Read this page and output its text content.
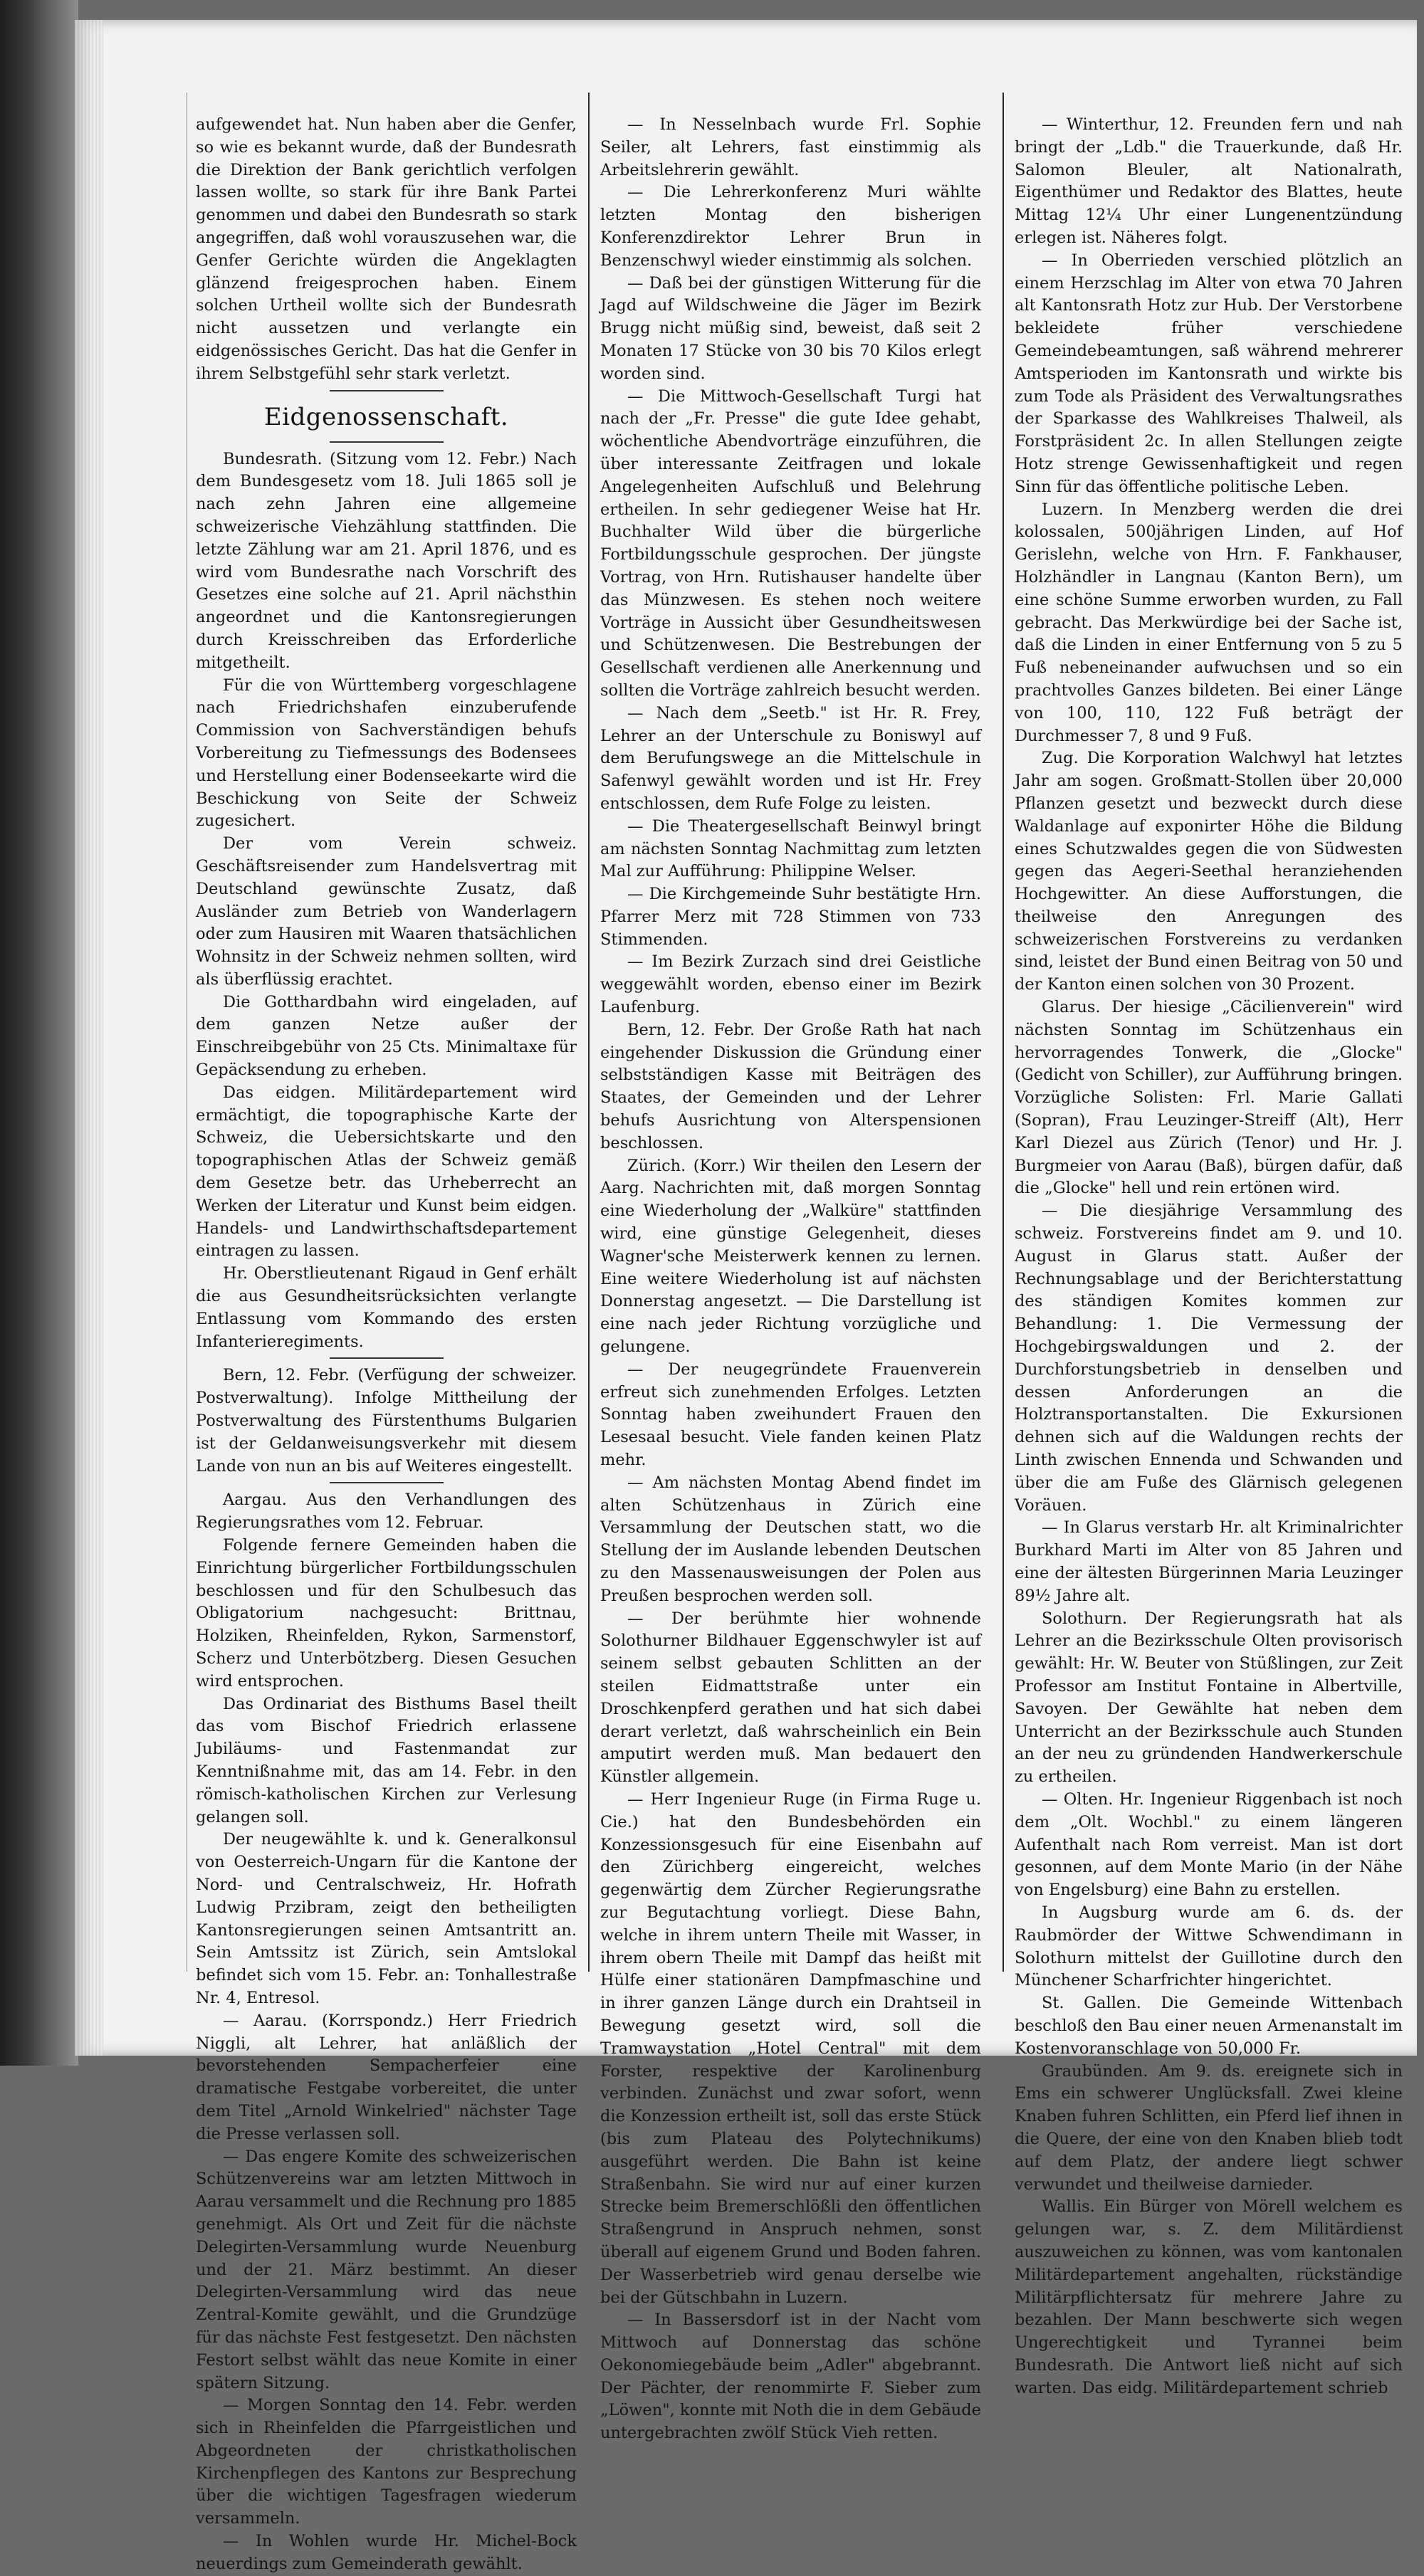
aufgewendet hat. Nun haben aber die Genfer, so wie es bekannt wurde, daß der Bundesrath die Direktion der Bank gerichtlich verfolgen lassen wollte, so stark für ihre Bank Partei genommen und dabei den Bundesrath so stark angegriffen, daß wohl vorauszusehen war, die Genfer Gerichte würden die Angeklagten glänzend freigesprochen haben. Einem solchen Urtheil wollte sich der Bundesrath nicht aussetzen und verlangte ein eidgenössisches Gericht. Das hat die Genfer in ihrem Selbstgefühl sehr stark verletzt.

Eidgenossenschaft.

Bundesrath. (Sitzung vom 12. Febr.) Nach dem Bundesgesetz vom 18. Juli 1865 soll je nach zehn Jahren eine allgemeine schweizerische Viehzählung stattfinden. Die letzte Zählung war am 21. April 1876, und es wird vom Bundesrathe nach Vorschrift des Gesetzes eine solche auf 21. April nächsthin angeordnet und die Kantonsregierungen durch Kreisschreiben das Erforderliche mitgetheilt.

Für die von Württemberg vorgeschlagene nach Friedrichshafen einzuberufende Commission von Sachverständigen behufs Vorbereitung zu Tiefmessungs des Bodensees und Herstellung einer Bodenseekarte wird die Beschickung von Seite der Schweiz zugesichert.

Der vom Verein schweiz. Geschäftsreisender zum Handelsvertrag mit Deutschland gewünschte Zusatz, daß Ausländer zum Betrieb von Wanderlagern oder zum Hausiren mit Waaren thatsächlichen Wohnsitz in der Schweiz nehmen sollten, wird als überflüssig erachtet.

Die Gotthardbahn wird eingeladen, auf dem ganzen Netze außer der Einschreibgebühr von 25 Cts. Minimaltaxe für Gepäcksendung zu erheben.

Das eidgen. Militärdepartement wird ermächtigt, die topographische Karte der Schweiz, die Uebersichtskarte und den topographischen Atlas der Schweiz gemäß dem Gesetze betr. das Urheberrecht an Werken der Literatur und Kunst beim eidgen. Handels- und Landwirthschaftsdepartement eintragen zu lassen.

Hr. Oberstlieutenant Rigaud in Genf erhält die aus Gesundheitsrücksichten verlangte Entlassung vom Kommando des ersten Infanterieregiments.

Bern, 12. Febr. (Verfügung der schweizer. Postverwaltung). Infolge Mittheilung der Postverwaltung des Fürstenthums Bulgarien ist der Geldanweisungsverkehr mit diesem Lande von nun an bis auf Weiteres eingestellt.

Aargau. Aus den Verhandlungen des Regierungsrathes vom 12. Februar.

Folgende fernere Gemeinden haben die Einrichtung bürgerlicher Fortbildungsschulen beschlossen und für den Schulbesuch das Obligatorium nachgesucht: Brittnau, Holziken, Rheinfelden, Rykon, Sarmenstorf, Scherz und Unterbötzberg. Diesen Gesuchen wird entsprochen.

Das Ordinariat des Bisthums Basel theilt das vom Bischof Friedrich erlassene Jubiläums- und Fastenmandat zur Kenntnißnahme mit, das am 14. Febr. in den römisch-katholischen Kirchen zur Verlesung gelangen soll.

Der neugewählte k. und k. Generalkonsul von Oesterreich-Ungarn für die Kantone der Nord- und Centralschweiz, Hr. Hofrath Ludwig Przibram, zeigt den betheiligten Kantonsregierungen seinen Amtsantritt an. Sein Amtssitz ist Zürich, sein Amtslokal befindet sich vom 15. Febr. an: Tonhallestraße Nr. 4, Entresol.

— Aarau. (Korrspondz.) Herr Friedrich Niggli, alt Lehrer, hat anläßlich der bevorstehenden Sempacherfeier eine dramatische Festgabe vorbereitet, die unter dem Titel „Arnold Winkelried" nächster Tage die Presse verlassen soll.

— Das engere Komite des schweizerischen Schützenvereins war am letzten Mittwoch in Aarau versammelt und die Rechnung pro 1885 genehmigt. Als Ort und Zeit für die nächste Delegirten-Versammlung wurde Neuenburg und der 21. März bestimmt. An dieser Delegirten-Versammlung wird das neue Zentral-Komite gewählt, und die Grundzüge für das nächste Fest festgesetzt. Den nächsten Festort selbst wählt das neue Komite in einer spätern Sitzung.

— Morgen Sonntag den 14. Febr. werden sich in Rheinfelden die Pfarrgeistlichen und Abgeordneten der christkatholischen Kirchenpflegen des Kantons zur Besprechung über die wichtigen Tagesfragen wiederum versammeln.

— In Wohlen wurde Hr. Michel-Bock neuerdings zum Gemeinderath gewählt.

— In Nesselnbach wurde Frl. Sophie Seiler, alt Lehrers, fast einstimmig als Arbeitslehrerin gewählt.

— Die Lehrerkonferenz Muri wählte letzten Montag den bisherigen Konferenzdirektor Lehrer Brun in Benzenschwyl wieder einstimmig als solchen.

— Daß bei der günstigen Witterung für die Jagd auf Wildschweine die Jäger im Bezirk Brugg nicht müßig sind, beweist, daß seit 2 Monaten 17 Stücke von 30 bis 70 Kilos erlegt worden sind.

— Die Mittwoch-Gesellschaft Turgi hat nach der „Fr. Presse" die gute Idee gehabt, wöchentliche Abendvorträge einzuführen, die über interessante Zeitfragen und lokale Angelegenheiten Aufschluß und Belehrung ertheilen. In sehr gediegener Weise hat Hr. Buchhalter Wild über die bürgerliche Fortbildungsschule gesprochen. Der jüngste Vortrag, von Hrn. Rutishauser handelte über das Münzwesen. Es stehen noch weitere Vorträge in Aussicht über Gesundheitswesen und Schützenwesen. Die Bestrebungen der Gesellschaft verdienen alle Anerkennung und sollten die Vorträge zahlreich besucht werden.

— Nach dem „Seetb." ist Hr. R. Frey, Lehrer an der Unterschule zu Boniswyl auf dem Berufungswege an die Mittelschule in Safenwyl gewählt worden und ist Hr. Frey entschlossen, dem Rufe Folge zu leisten.

— Die Theatergesellschaft Beinwyl bringt am nächsten Sonntag Nachmittag zum letzten Mal zur Aufführung: Philippine Welser.

— Die Kirchgemeinde Suhr bestätigte Hrn. Pfarrer Merz mit 728 Stimmen von 733 Stimmenden.

— Im Bezirk Zurzach sind drei Geistliche weggewählt worden, ebenso einer im Bezirk Laufenburg.

Bern, 12. Febr. Der Große Rath hat nach eingehender Diskussion die Gründung einer selbstständigen Kasse mit Beiträgen des Staates, der Gemeinden und der Lehrer behufs Ausrichtung von Alterspensionen beschlossen.

Zürich. (Korr.) Wir theilen den Lesern der Aarg. Nachrichten mit, daß morgen Sonntag eine Wiederholung der „Walküre" stattfinden wird, eine günstige Gelegenheit, dieses Wagner'sche Meisterwerk kennen zu lernen. Eine weitere Wiederholung ist auf nächsten Donnerstag angesetzt. — Die Darstellung ist eine nach jeder Richtung vorzügliche und gelungene.

— Der neugegründete Frauenverein erfreut sich zunehmenden Erfolges. Letzten Sonntag haben zweihundert Frauen den Lesesaal besucht. Viele fanden keinen Platz mehr.

— Am nächsten Montag Abend findet im alten Schützenhaus in Zürich eine Versammlung der Deutschen statt, wo die Stellung der im Auslande lebenden Deutschen zu den Massenausweisungen der Polen aus Preußen besprochen werden soll.

— Der berühmte hier wohnende Solothurner Bildhauer Eggenschwyler ist auf seinem selbst gebauten Schlitten an der steilen Eidmattstraße unter ein Droschkenpferd gerathen und hat sich dabei derart verletzt, daß wahrscheinlich ein Bein amputirt werden muß. Man bedauert den Künstler allgemein.

— Herr Ingenieur Ruge (in Firma Ruge u. Cie.) hat den Bundesbehörden ein Konzessionsgesuch für eine Eisenbahn auf den Zürichberg eingereicht, welches gegenwärtig dem Zürcher Regierungsrathe zur Begutachtung vorliegt. Diese Bahn, welche in ihrem untern Theile mit Wasser, in ihrem obern Theile mit Dampf das heißt mit Hülfe einer stationären Dampfmaschine und in ihrer ganzen Länge durch ein Drahtseil in Bewegung gesetzt wird, soll die Tramwaystation „Hotel Central" mit dem Forster, respektive der Karolinenburg verbinden. Zunächst und zwar sofort, wenn die Konzession ertheilt ist, soll das erste Stück (bis zum Plateau des Polytechnikums) ausgeführt werden. Die Bahn ist keine Straßenbahn. Sie wird nur auf einer kurzen Strecke beim Bremerschlößli den öffentlichen Straßengrund in Anspruch nehmen, sonst überall auf eigenem Grund und Boden fahren. Der Wasserbetrieb wird genau derselbe wie bei der Gütschbahn in Luzern.

— In Bassersdorf ist in der Nacht vom Mittwoch auf Donnerstag das schöne Oekonomiegebäude beim „Adler" abgebrannt. Der Pächter, der renommirte F. Sieber zum „Löwen", konnte mit Noth die in dem Gebäude untergebrachten zwölf Stück Vieh retten.

— Winterthur, 12. Freunden fern und nah bringt der „Ldb." die Trauerkunde, daß Hr. Salomon Bleuler, alt Nationalrath, Eigenthümer und Redaktor des Blattes, heute Mittag 12¼ Uhr einer Lungenentzündung erlegen ist. Näheres folgt.

— In Oberrieden verschied plötzlich an einem Herzschlag im Alter von etwa 70 Jahren alt Kantonsrath Hotz zur Hub. Der Verstorbene bekleidete früher verschiedene Gemeindebeamtungen, saß während mehrerer Amtsperioden im Kantonsrath und wirkte bis zum Tode als Präsident des Verwaltungsrathes der Sparkasse des Wahlkreises Thalweil, als Forstpräsident 2c. In allen Stellungen zeigte Hotz strenge Gewissenhaftigkeit und regen Sinn für das öffentliche politische Leben.

Luzern. In Menzberg werden die drei kolossalen, 500jährigen Linden, auf Hof Gerislehn, welche von Hrn. F. Fankhauser, Holzhändler in Langnau (Kanton Bern), um eine schöne Summe erworben wurden, zu Fall gebracht. Das Merkwürdige bei der Sache ist, daß die Linden in einer Entfernung von 5 zu 5 Fuß nebeneinander aufwuchsen und so ein prachtvolles Ganzes bildeten. Bei einer Länge von 100, 110, 122 Fuß beträgt der Durchmesser 7, 8 und 9 Fuß.

Zug. Die Korporation Walchwyl hat letztes Jahr am sogen. Großmatt-Stollen über 20,000 Pflanzen gesetzt und bezweckt durch diese Waldanlage auf exponirter Höhe die Bildung eines Schutzwaldes gegen die von Südwesten gegen das Aegeri-Seethal heranziehenden Hochgewitter. An diese Aufforstungen, die theilweise den Anregungen des schweizerischen Forstvereins zu verdanken sind, leistet der Bund einen Beitrag von 50 und der Kanton einen solchen von 30 Prozent.

Glarus. Der hiesige „Cäcilienverein" wird nächsten Sonntag im Schützenhaus ein hervorragendes Tonwerk, die „Glocke" (Gedicht von Schiller), zur Aufführung bringen. Vorzügliche Solisten: Frl. Marie Gallati (Sopran), Frau Leuzinger-Streiff (Alt), Herr Karl Diezel aus Zürich (Tenor) und Hr. J. Burgmeier von Aarau (Baß), bürgen dafür, daß die „Glocke" hell und rein ertönen wird.

— Die diesjährige Versammlung des schweiz. Forstvereins findet am 9. und 10. August in Glarus statt. Außer der Rechnungsablage und der Berichterstattung des ständigen Komites kommen zur Behandlung: 1. Die Vermessung der Hochgebirgswaldungen und 2. der Durchforstungsbetrieb in denselben und dessen Anforderungen an die Holztransportanstalten. Die Exkursionen dehnen sich auf die Waldungen rechts der Linth zwischen Ennenda und Schwanden und über die am Fuße des Glärnisch gelegenen Voräuen.

— In Glarus verstarb Hr. alt Kriminalrichter Burkhard Marti im Alter von 85 Jahren und eine der ältesten Bürgerinnen Maria Leuzinger 89½ Jahre alt.

Solothurn. Der Regierungsrath hat als Lehrer an die Bezirksschule Olten provisorisch gewählt: Hr. W. Beuter von Stüßlingen, zur Zeit Professor am Institut Fontaine in Albertville, Savoyen. Der Gewählte hat neben dem Unterricht an der Bezirksschule auch Stunden an der neu zu gründenden Handwerkerschule zu ertheilen.

— Olten. Hr. Ingenieur Riggenbach ist noch dem „Olt. Wochbl." zu einem längeren Aufenthalt nach Rom verreist. Man ist dort gesonnen, auf dem Monte Mario (in der Nähe von Engelsburg) eine Bahn zu erstellen.

In Augsburg wurde am 6. ds. der Raubmörder der Wittwe Schwendimann in Solothurn mittelst der Guillotine durch den Münchener Scharfrichter hingerichtet.

St. Gallen. Die Gemeinde Wittenbach beschloß den Bau einer neuen Armenanstalt im Kostenvoranschlage von 50,000 Fr.

Graubünden. Am 9. ds. ereignete sich in Ems ein schwerer Unglücksfall. Zwei kleine Knaben fuhren Schlitten, ein Pferd lief ihnen in die Quere, der eine von den Knaben blieb todt auf dem Platz, der andere liegt schwer verwundet und theilweise darnieder.

Wallis. Ein Bürger von Mörell welchem es gelungen war, s. Z. dem Militärdienst auszuweichen zu können, was vom kantonalen Militärdepartement angehalten, rückständige Militärpflichtersatz für mehrere Jahre zu bezahlen. Der Mann beschwerte sich wegen Ungerechtigkeit und Tyrannei beim Bundesrath. Die Antwort ließ nicht auf sich warten. Das eidg. Militärdepartement schrieb
